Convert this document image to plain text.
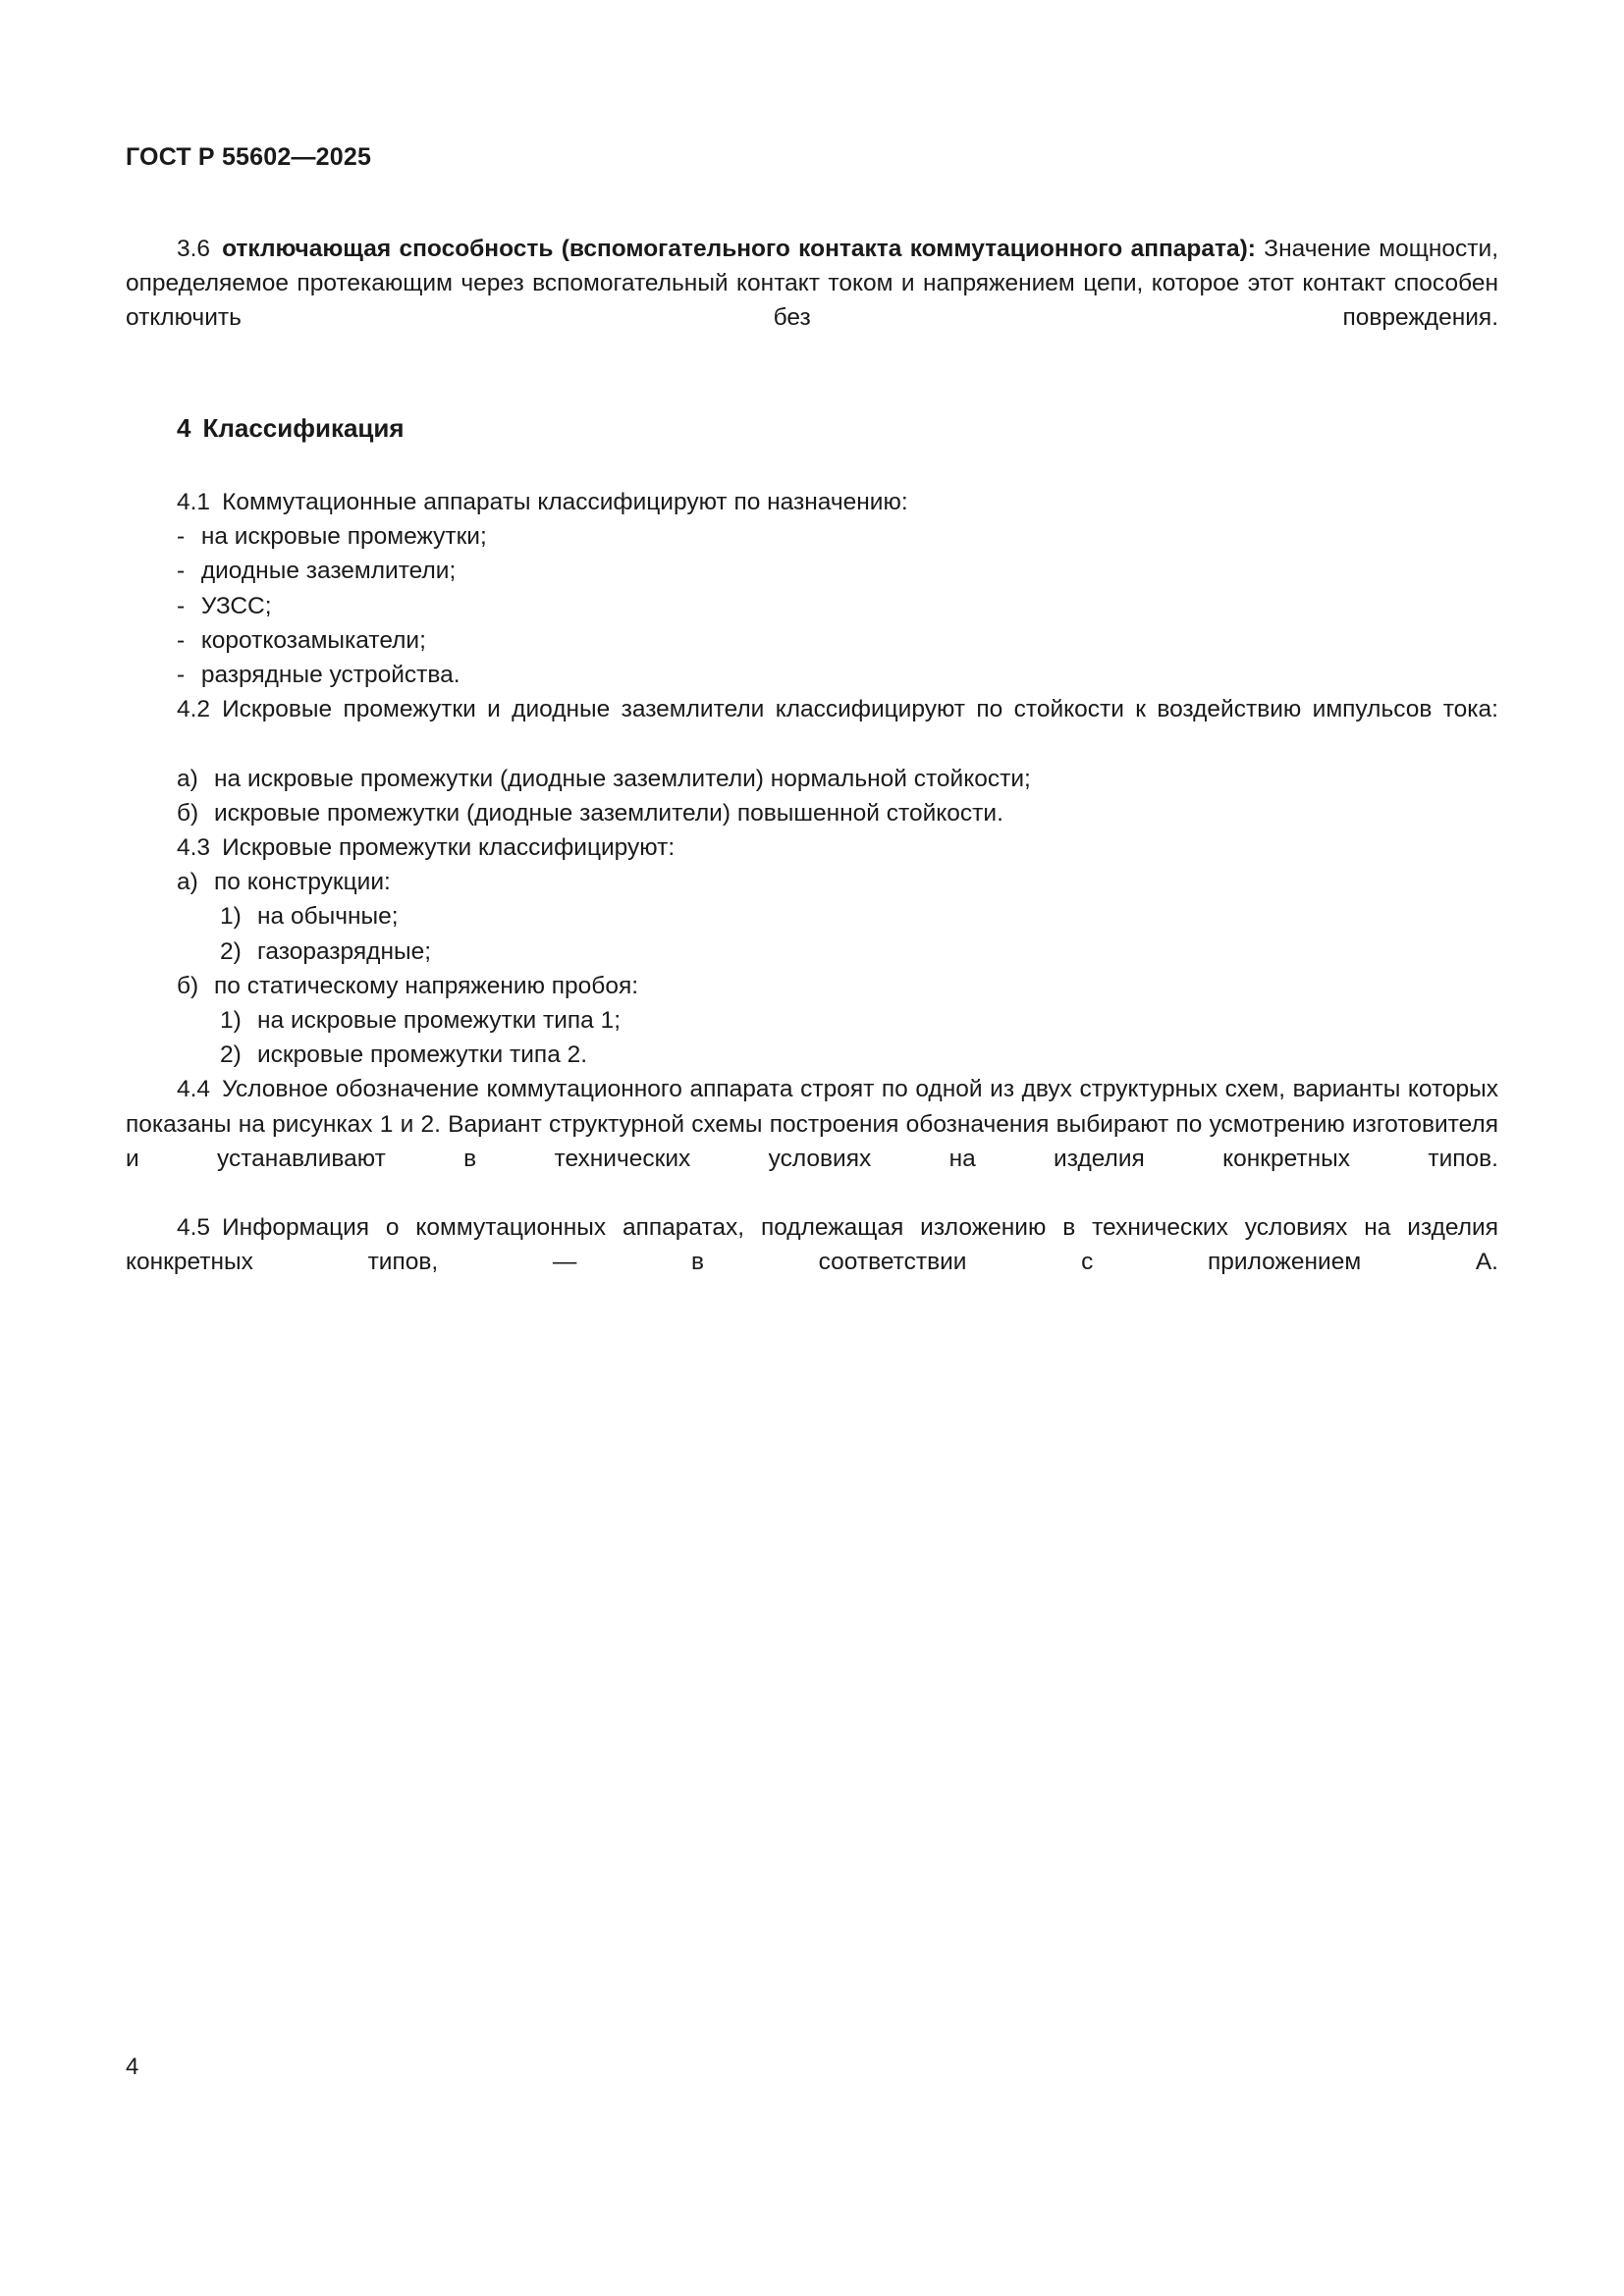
ГОСТ Р 55602—2025

3.6 отключающая способность (вспомогательного контакта коммутационного аппарата): Значение мощности, определяемое протекающим через вспомогательный контакт током и напряжением цепи, которое этот контакт способен отключить без повреждения.

4 Классификация

4.1 Коммутационные аппараты классифицируют по назначению:

- на искровые промежутки;

- диодные заземлители;

- УЗСС;

- короткозамыкатели;

- разрядные устройства.

4.2 Искровые промежутки и диодные заземлители классифицируют по стойкости к воздействию импульсов тока:

а) на искровые промежутки (диодные заземлители) нормальной стойкости;

б) искровые промежутки (диодные заземлители) повышенной стойкости.

4.3 Искровые промежутки классифицируют:

а) по конструкции:

1) на обычные;

2) газоразрядные;

б) по статическому напряжению пробоя:

1) на искровые промежутки типа 1;

2) искровые промежутки типа 2.

4.4 Условное обозначение коммутационного аппарата строят по одной из двух структурных схем, варианты которых показаны на рисунках 1 и 2. Вариант структурной схемы построения обозначения выбирают по усмотрению изготовителя и устанавливают в технических условиях на изделия конкретных типов.

4.5 Информация о коммутационных аппаратах, подлежащая изложению в технических условиях на изделия конкретных типов, — в соответствии с приложением А.

4
